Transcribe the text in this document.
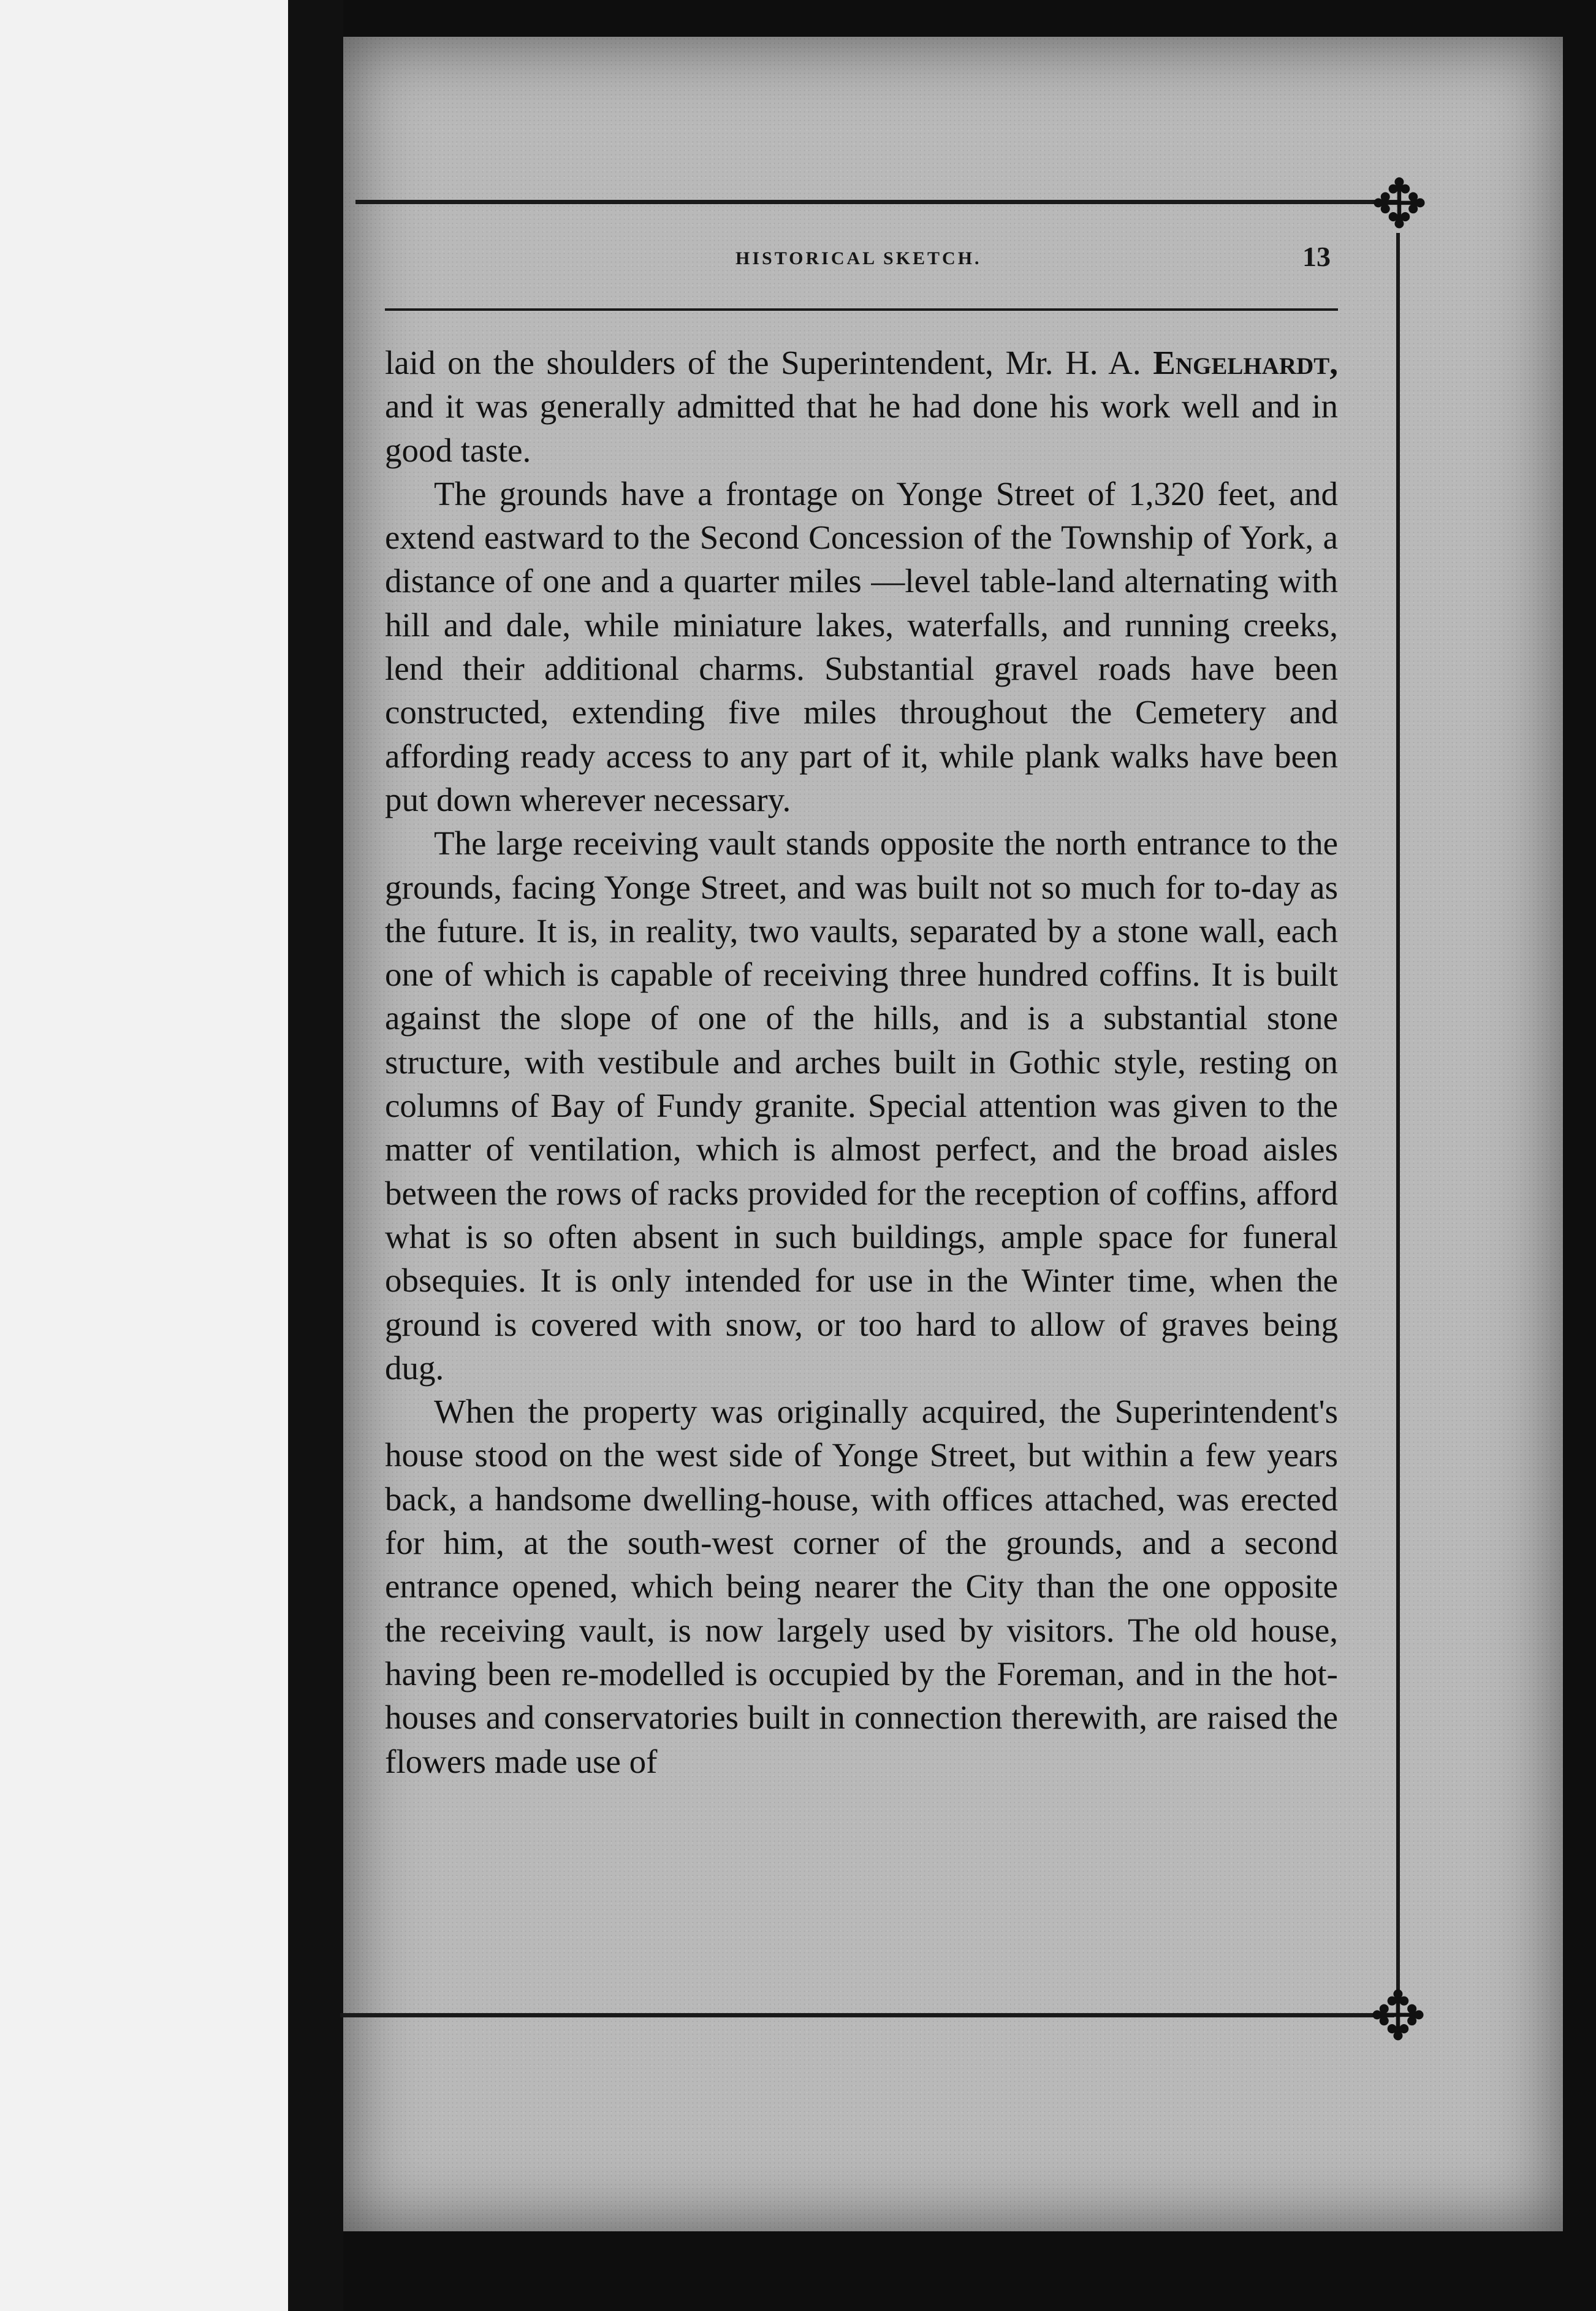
✥
✥
HISTORICAL SKETCH.	13

laid on the shoulders of the Superintendent, Mr. H. A. Engelhardt, and it was generally admitted that he had done his work well and in good taste.

The grounds have a frontage on Yonge Street of 1,320 feet, and extend eastward to the Second Concession of the Township of York, a distance of one and a quarter miles —level table-land alternating with hill and dale, while miniature lakes, waterfalls, and running creeks, lend their additional charms. Substantial gravel roads have been constructed, extending five miles throughout the Cemetery and affording ready access to any part of it, while plank walks have been put down wherever necessary.

The large receiving vault stands opposite the north entrance to the grounds, facing Yonge Street, and was built not so much for to-day as the future. It is, in reality, two vaults, separated by a stone wall, each one of which is capable of receiving three hundred coffins. It is built against the slope of one of the hills, and is a substantial stone structure, with vestibule and arches built in Gothic style, resting on columns of Bay of Fundy granite. Special attention was given to the matter of ventilation, which is almost perfect, and the broad aisles between the rows of racks provided for the reception of coffins, afford what is so often absent in such buildings, ample space for funeral obsequies. It is only intended for use in the Winter time, when the ground is covered with snow, or too hard to allow of graves being dug.

When the property was originally acquired, the Superintendent's house stood on the west side of Yonge Street, but within a few years back, a handsome dwelling-house, with offices attached, was erected for him, at the south-west corner of the grounds, and a second entrance opened, which being nearer the City than the one opposite the receiving vault, is now largely used by visitors. The old house, having been re-modelled is occupied by the Foreman, and in the hot-houses and conservatories built in connection therewith, are raised the flowers made use of
